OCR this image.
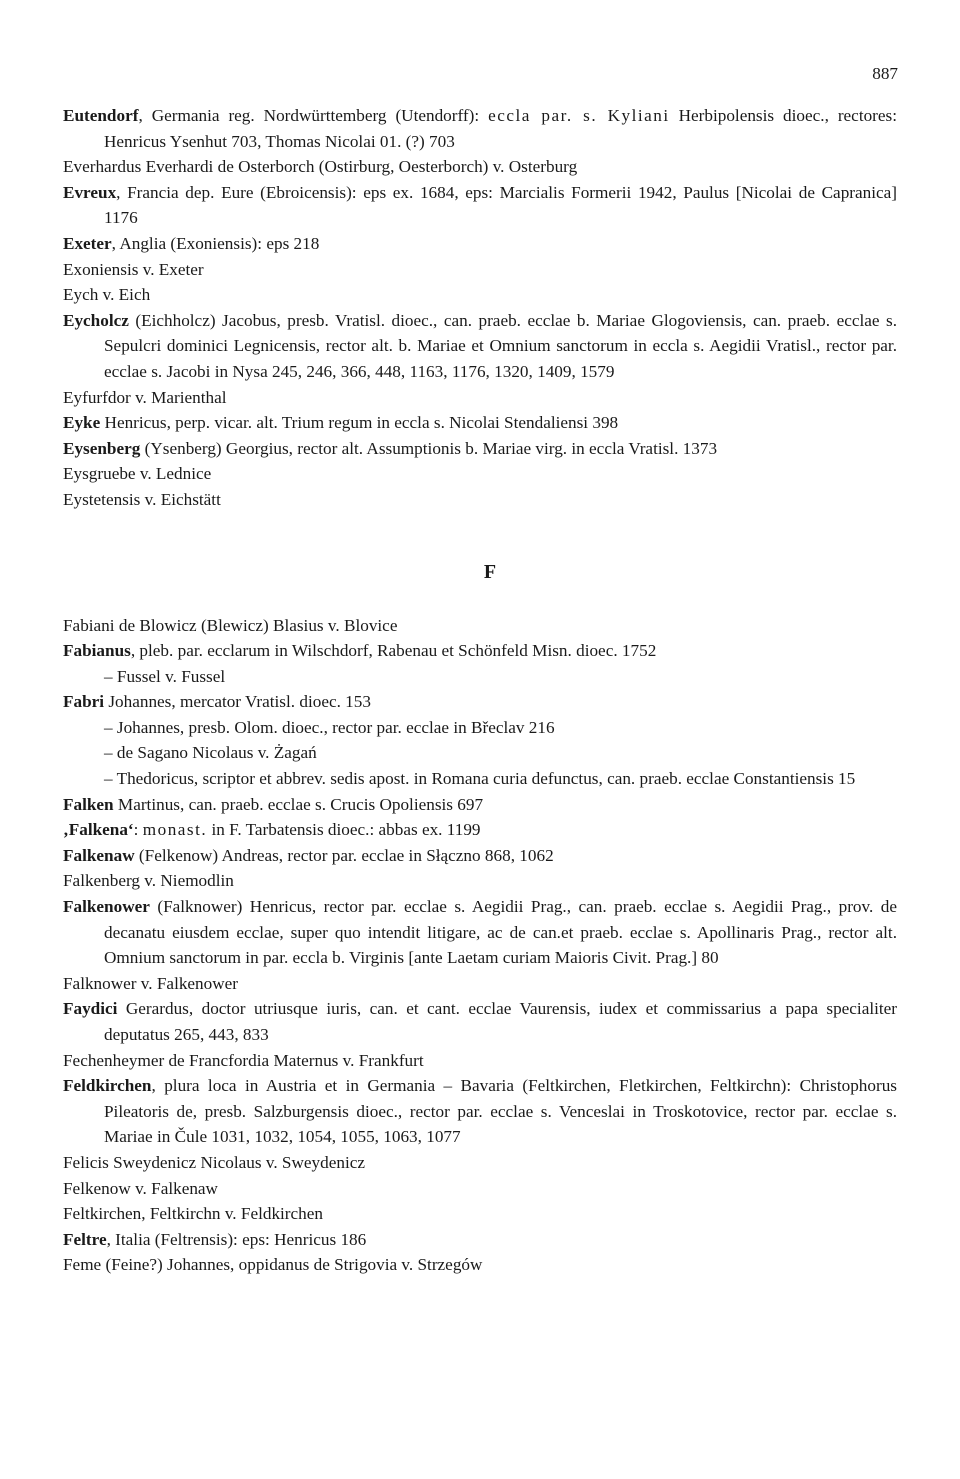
887

Eutendorf, Germania reg. Nordwürttemberg (Utendorff): eccla par. s. Kyliani Herbipolensis dioec., rectores: Henricus Ysenhut 703, Thomas Nicolai 01. (?) 703

Everhardus Everhardi de Osterborch (Ostirburg, Oesterborch) v. Osterburg

Evreux, Francia dep. Eure (Ebroicensis): eps ex. 1684, eps: Marcialis Formerii 1942, Paulus [Nicolai de Capranica] 1176

Exeter, Anglia (Exoniensis): eps 218

Exoniensis v. Exeter

Eych v. Eich

Eycholcz (Eichholcz) Jacobus, presb. Vratisl. dioec., can. praeb. ecclae b. Mariae Glogoviensis, can. praeb. ecclae s. Sepulcri dominici Legnicensis, rector alt. b. Mariae et Omnium sanctorum in eccla s. Aegidii Vratisl., rector par. ecclae s. Jacobi in Nysa 245, 246, 366, 448, 1163, 1176, 1320, 1409, 1579

Eyfurfdor v. Marienthal

Eyke Henricus, perp. vicar. alt. Trium regum in eccla s. Nicolai Stendaliensi 398

Eysenberg (Ysenberg) Georgius, rector alt. Assumptionis b. Mariae virg. in eccla Vratisl. 1373

Eysgruebe v. Lednice

Eystetensis v. Eichstätt

F

Fabiani de Blowicz (Blewicz) Blasius v. Blovice

Fabianus, pleb. par. ecclarum in Wilschdorf, Rabenau et Schönfeld Misn. dioec. 1752

– Fussel v. Fussel

Fabri Johannes, mercator Vratisl. dioec. 153

– Johannes, presb. Olom. dioec., rector par. ecclae in Břeclav 216

– de Sagano Nicolaus v. Żagań

– Thedoricus, scriptor et abbrev. sedis apost. in Romana curia defunctus, can. praeb. ecclae Constantiensis 15

Falken Martinus, can. praeb. ecclae s. Crucis Opoliensis 697

‚Falkena‘: monast. in F. Tarbatensis dioec.: abbas ex. 1199

Falkenaw (Felkenow) Andreas, rector par. ecclae in Słączno 868, 1062

Falkenberg v. Niemodlin

Falkenower (Falknower) Henricus, rector par. ecclae s. Aegidii Prag., can. praeb. ecclae s. Aegidii Prag., prov. de decanatu eiusdem ecclae, super quo intendit litigare, ac de can.et praeb. ecclae s. Apollinaris Prag., rector alt. Omnium sanctorum in par. eccla b. Virginis [ante Laetam curiam Maioris Civit. Prag.] 80

Falknower v. Falkenower

Faydici Gerardus, doctor utriusque iuris, can. et cant. ecclae Vaurensis, iudex et commissarius a papa specialiter deputatus 265, 443, 833

Fechenheymer de Francfordia Maternus v. Frankfurt

Feldkirchen, plura loca in Austria et in Germania – Bavaria (Feltkirchen, Fletkirchen, Feltkirchn): Christophorus Pileatoris de, presb. Salzburgensis dioec., rector par. ecclae s. Venceslai in Troskotovice, rector par. ecclae s. Mariae in Čule 1031, 1032, 1054, 1055, 1063, 1077

Felicis Sweydenicz Nicolaus v. Sweydenicz

Felkenow v. Falkenaw

Feltkirchen, Feltkirchn v. Feldkirchen

Feltre, Italia (Feltrensis): eps: Henricus 186

Feme (Feine?) Johannes, oppidanus de Strigovia v. Strzegów
